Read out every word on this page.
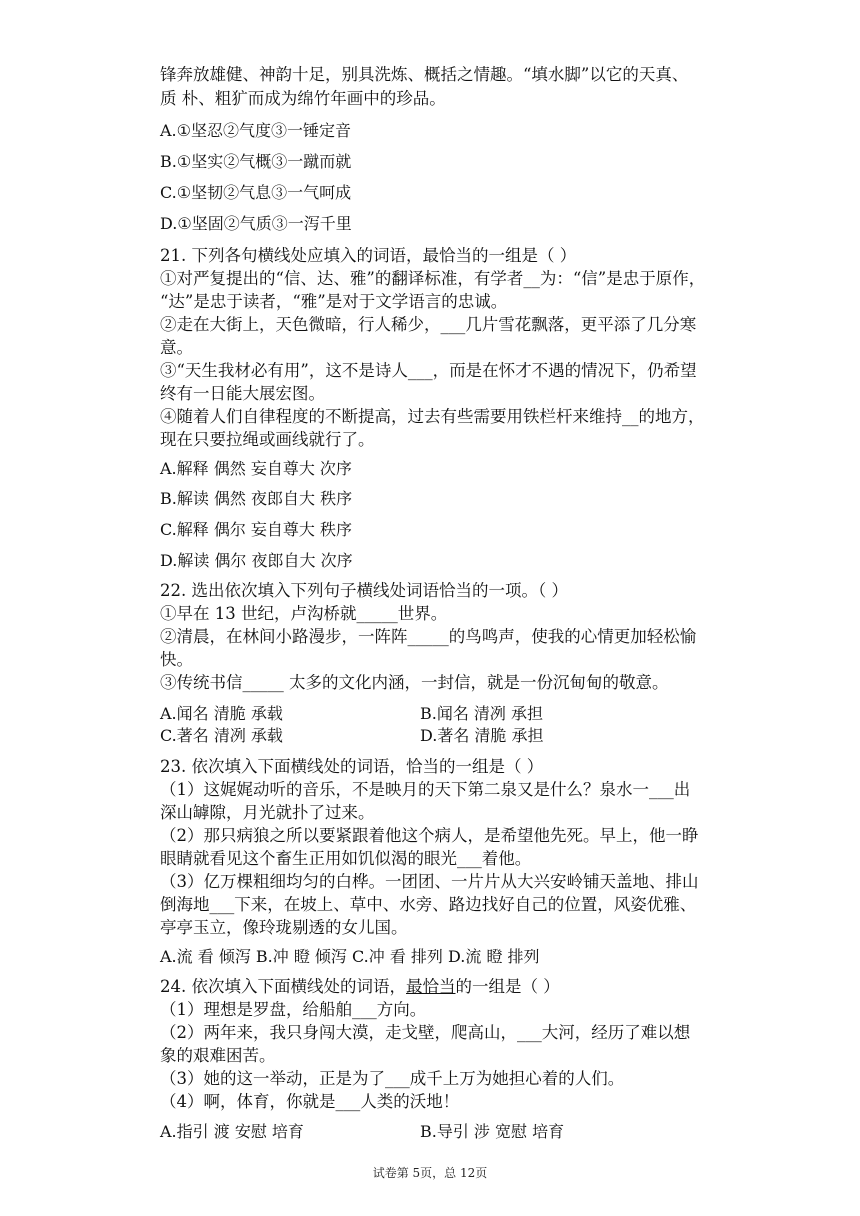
锋奔放雄健、神韵十足，别具洗炼、概括之情趣。“填水脚”以它的天真、
质 朴、粗犷而成为绵竹年画中的珍品。
A.①坚忍②气度③一锤定音
B.①坚实②气概③一蹴而就
C.①坚韧②气息③一气呵成
D.①坚固②气质③一泻千里
21. 下列各句横线处应填入的词语，最恰当的一组是（ ）
①对严复提出的“信、达、雅”的翻译标准，有学者__为：“信”是忠于原作，
“达”是忠于读者，“雅”是对于文学语言的忠诚。
②走在大街上，天色微暗，行人稀少，___几片雪花飘落，更平添了几分寒
意。
③“天生我材必有用”，这不是诗人___，而是在怀才不遇的情况下，仍希望
终有一日能大展宏图。
④随着人们自律程度的不断提高，过去有些需要用铁栏杆来维持__的地方，
现在只要拉绳或画线就行了。
A.解释 偶然 妄自尊大 次序
B.解读 偶然 夜郎自大 秩序
C.解释 偶尔 妄自尊大 秩序
D.解读 偶尔 夜郎自大 次序
22. 选出依次填入下列句子横线处词语恰当的一项。（ ）
①早在 13 世纪，卢沟桥就_____世界。
②清晨，在林间小路漫步，一阵阵_____的鸟鸣声，使我的心情更加轻松愉
快。
③传统书信_____ 太多的文化内涵，一封信，就是一份沉甸甸的敬意。
A.闻名 清脆 承载	B.闻名 清冽 承担
C.著名 清冽 承载	D.著名 清脆 承担
23. 依次填入下面横线处的词语，恰当的一组是（ ）
（1）这娓娓动听的音乐，不是映月的天下第二泉又是什么？泉水一___出
深山罅隙，月光就扑了过来。
（2）那只病狼之所以要紧跟着他这个病人，是希望他先死。早上，他一睁
眼睛就看见这个畜生正用如饥似渴的眼光___着他。
（3）亿万棵粗细均匀的白桦。一团团、一片片从大兴安岭铺天盖地、排山
倒海地___下来，在坡上、草中、水旁、路边找好自己的位置，风姿优雅、
亭亭玉立，像玲珑剔透的女儿国。
A.流 看 倾泻 B.冲 瞪 倾泻 C.冲 看 排列 D.流 瞪 排列
24. 依次填入下面横线处的词语，最恰当的一组是（ ）
（1）理想是罗盘，给船舶___方向。
（2）两年来，我只身闯大漠，走戈壁，爬高山，___大河，经历了难以想
象的艰难困苦。
（3）她的这一举动，正是为了___成千上万为她担心着的人们。
（4）啊，体育，你就是___人类的沃地！
A.指引 渡 安慰 培育	B.导引 涉 宽慰 培育
试卷第 5页，总 12页
